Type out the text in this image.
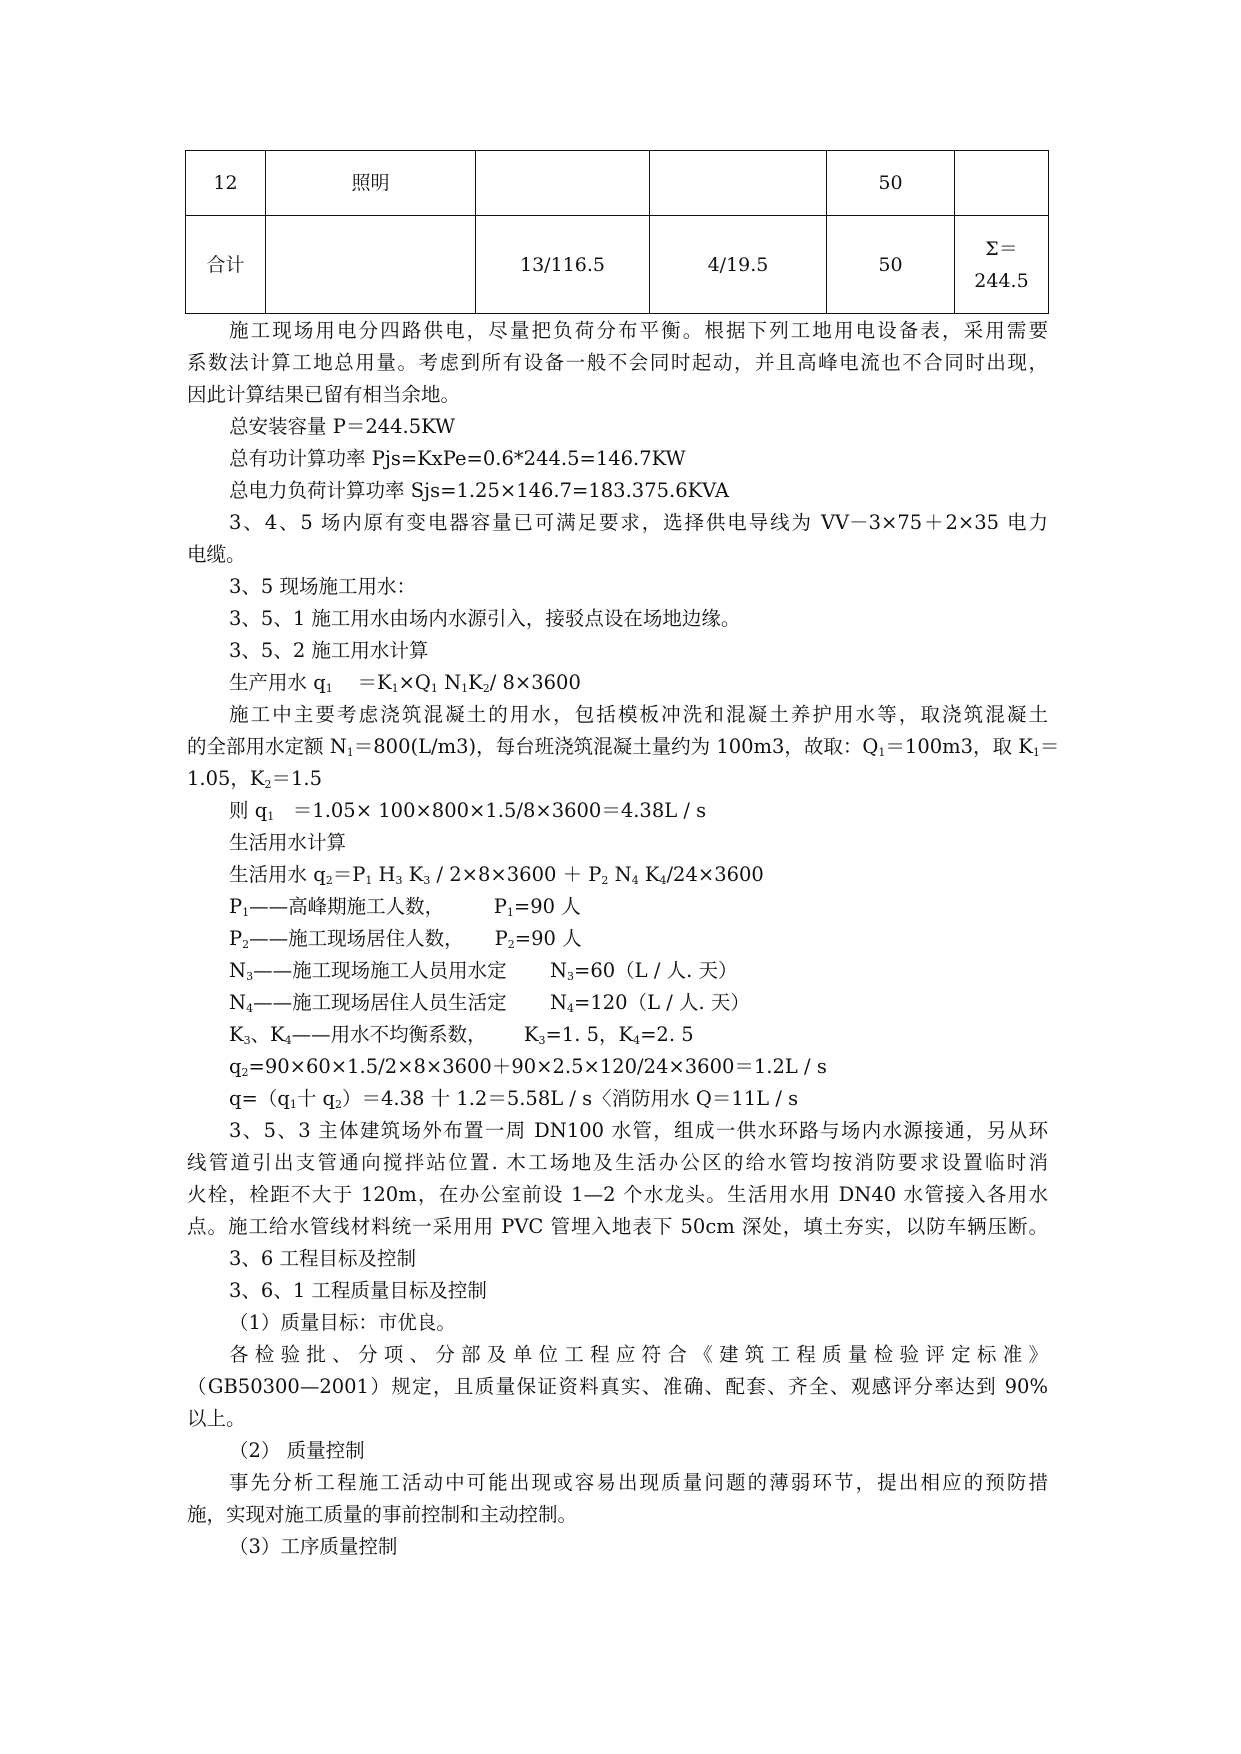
12	照明			50	
合计		13/116.5	4/19.5	50	Σ＝
244.5
施工现场用电分四路供电，尽量把负荷分布平衡。根据下列工地用电设备表，采用需要
系数法计算工地总用量。考虑到所有设备一般不会同时起动，并且高峰电流也不合同时出现，
因此计算结果已留有相当余地。
总安装容量 P＝244.5KW
总有功计算功率 Pjs=KxPe=0.6*244.5=146.7KW
总电力负荷计算功率 Sjs=1.25×146.7=183.375.6KVA
3、4、5 场内原有变电器容量已可满足要求，选择供电导线为 VV－3×75＋2×35 电力
电缆。
3、5 现场施工用水：
3、5、1 施工用水由场内水源引入，接驳点设在场地边缘。
3、5、2 施工用水计算
生产用水 $q_1 =K_1\times Q_1$ $N_1K_2/$ 8×3600
施工中主要考虑浇筑混凝土的用水，包括模板冲洗和混凝土养护用水等，取浇筑混凝土
的全部用水定额 $N_1=800(L/m3)$，每台班浇筑混凝土量约为 100m3，故取：$Q_1=100m3$，取 $K_1=$
1.05，$K_2=1.5$
则 $q_1 =1.05\times 100\times 800\times 1.5/8\times 3600=4.38L / s$
生活用水计算
生活用水 $q_2=P_1$ $H_3$ $K_3 / 2\times 8\times 3600 + P_2$ $N_4$ $K_4/24\times 3600$
$P_1——$高峰期施工人数，	$P_1=90$ 人
$P_2——$施工现场居住人数， $P_2=90$ 人
$N_3——$施工现场施工人员用水定 $N_3=60(L$ / 人. 天）
$N_4——$施工现场居住人员生活定 $N_4=120(L$ / 人. 天）
$K_3$、$K_4——$用水不均衡系数， $K_3=1$. 5，$K_4=2$. 5
$q_2=90\times 60\times 1.5/2\times 8\times 3600+90\times 2.5\times 120/24\times 3600=1.2L / s$
$q=(q_1$十 $q_2)=4.38$ 十 1.2＝5.58L / s〈消防用水 Q＝11L / s
3、5、3 主体建筑场外布置一周 DN100 水管，组成一供水环路与场内水源接通，另从环
线管道引出支管通向搅拌站位置. 木工场地及生活办公区的给水管均按消防要求设置临时消
火栓，栓距不大于 120m，在办公室前设 1—2 个水龙头。生活用水用 DN40 水管接入各用水
点。施工给水管线材料统一采用用 PVC 管埋入地表下 50cm 深处，填土夯实，以防车辆压断。
3、6 工程目标及控制
3、6、1 工程质量目标及控制
（1）质量目标：市优良。
各检验批、分项、分部及单位工程应符合《建筑工程质量检验评定标准》
（GB50300—2001）规定，且质量保证资料真实、准确、配套、齐全、观感评分率达到 90%
以上。
（2） 质量控制
事先分析工程施工活动中可能出现或容易出现质量问题的薄弱环节，提出相应的预防措
施，实现对施工质量的事前控制和主动控制。
（3）工序质量控制
